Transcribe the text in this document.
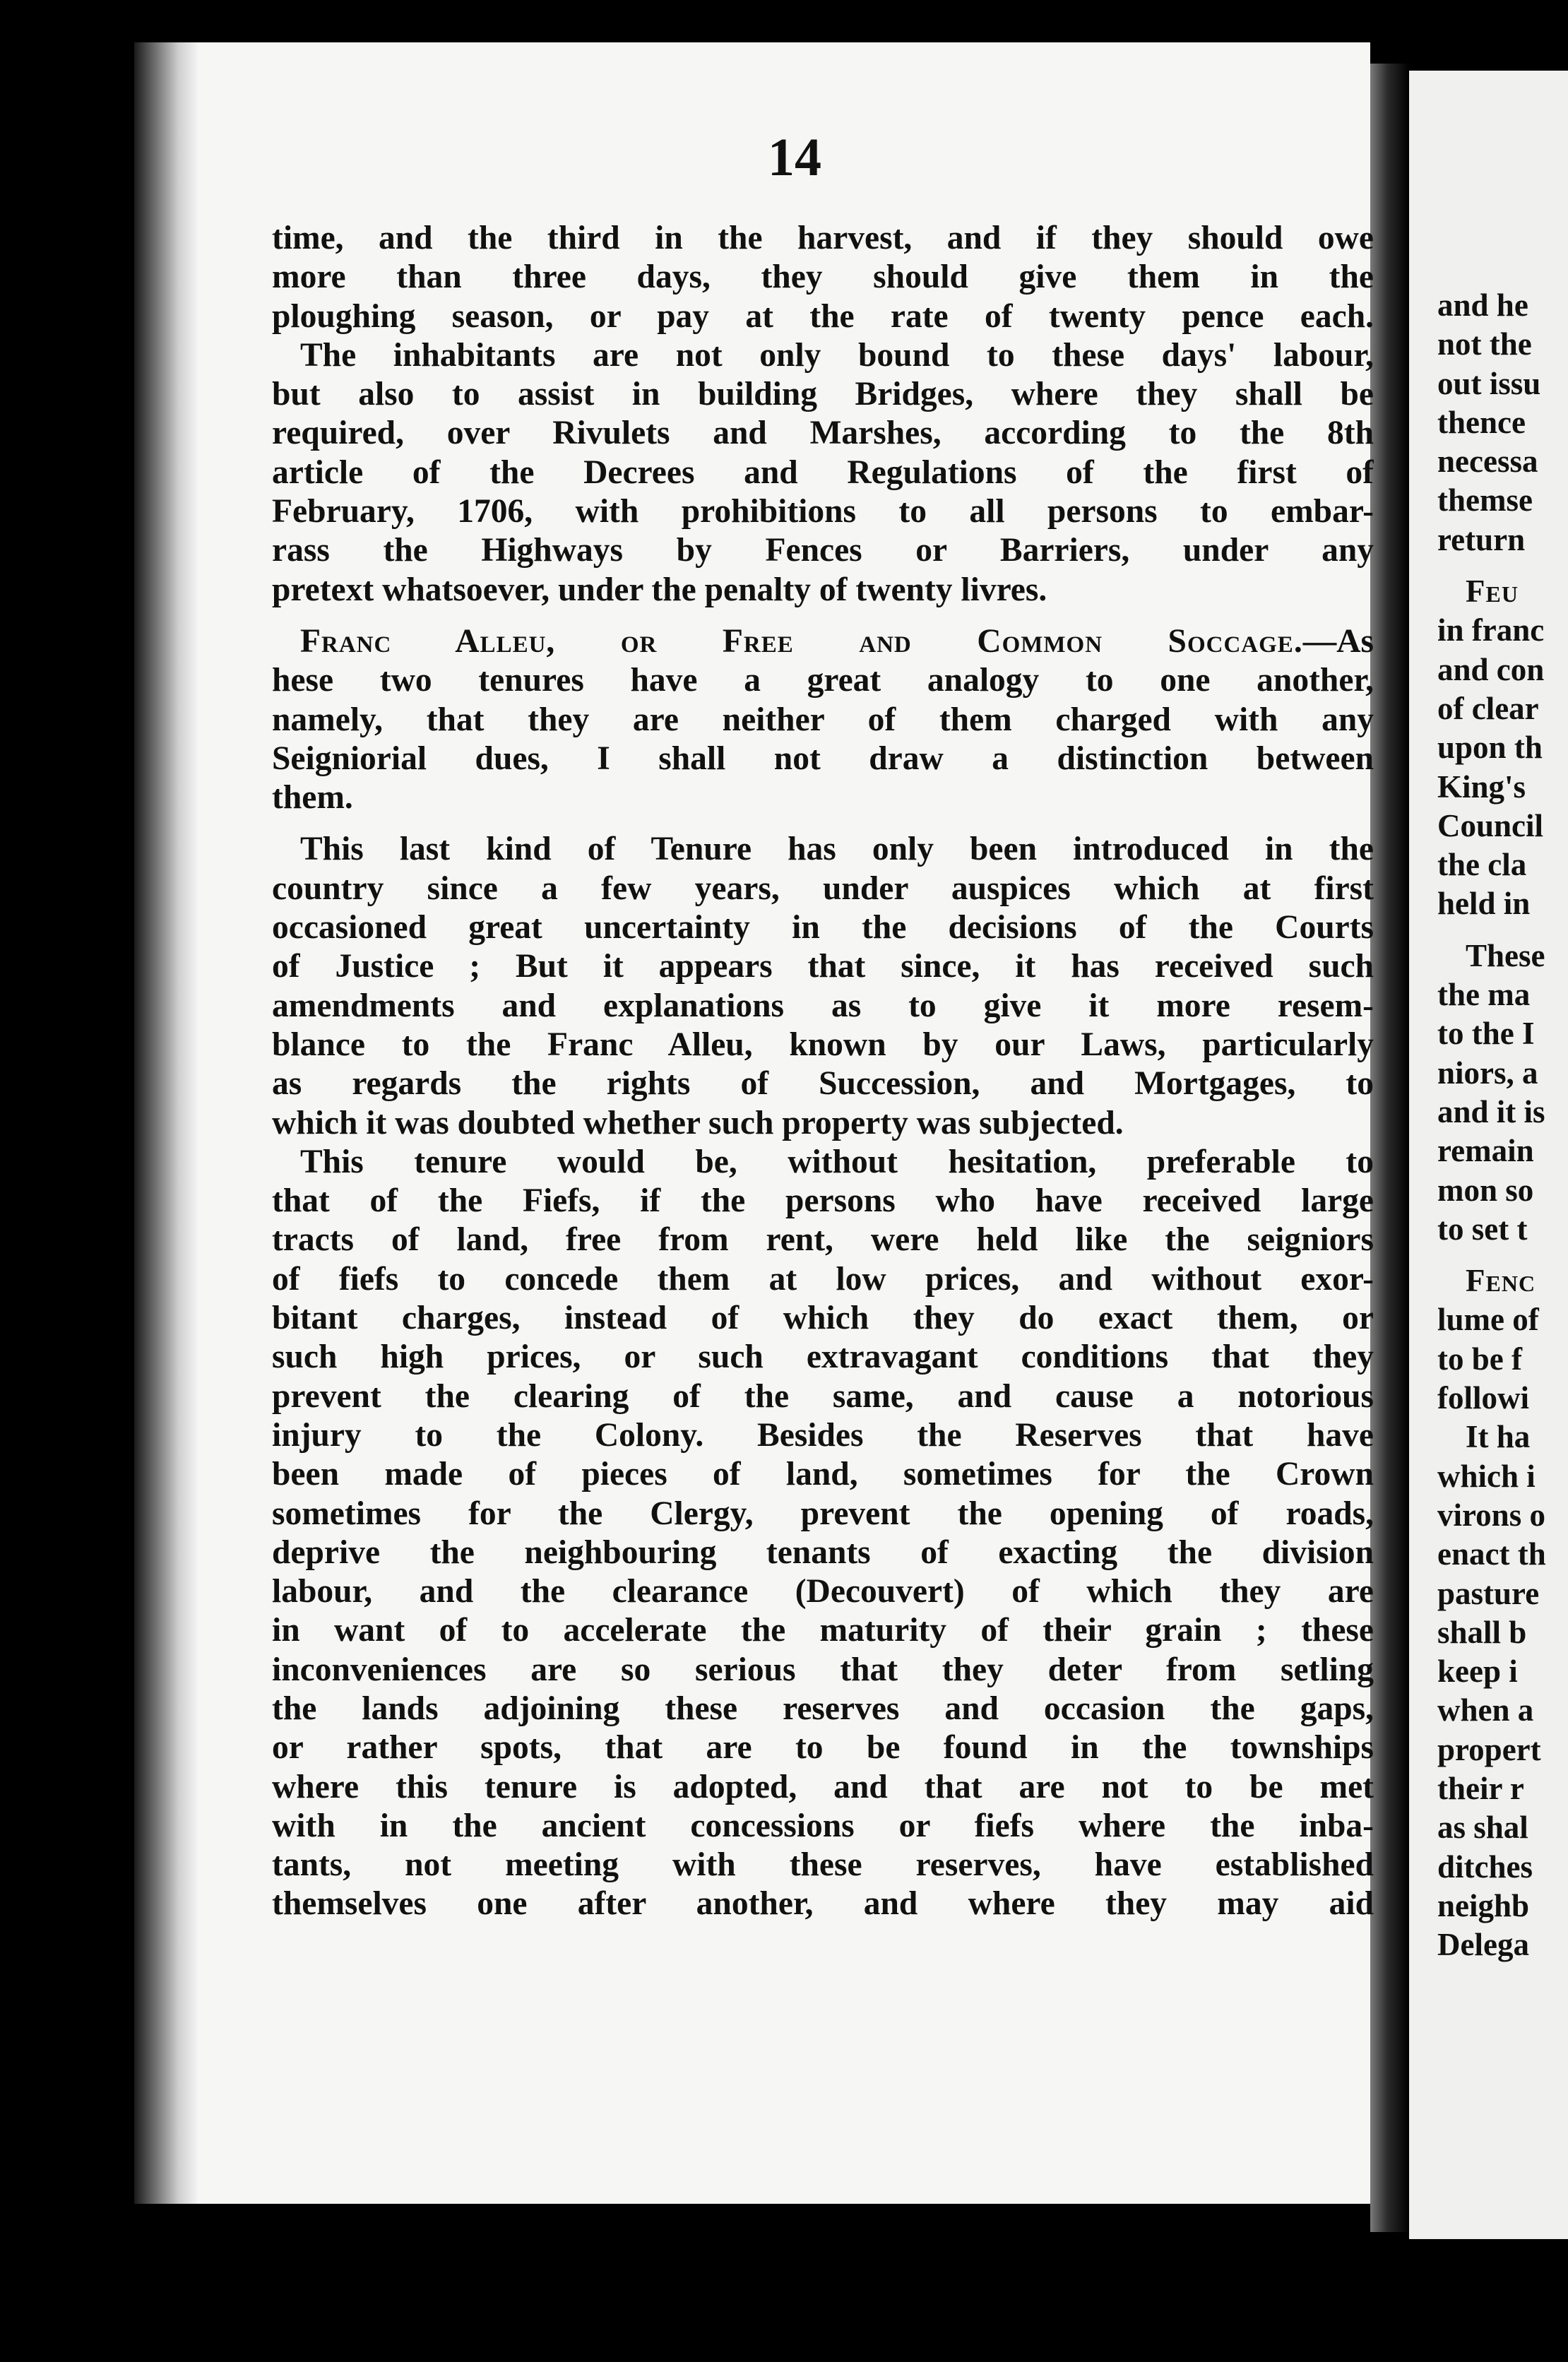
14
time, and the third in the harvest, and if they should owe
more than three days, they should give them in the
ploughing season, or pay at the rate of twenty pence each.
The inhabitants are not only bound to these days' labour,
but also to assist in building Bridges, where they shall be
required, over Rivulets and Marshes, according to the 8th
article of the Decrees and Regulations of the first of
February, 1706, with prohibitions to all persons to embar-
rass the Highways by Fences or Barriers, under any
pretext whatsoever, under the penalty of twenty livres.
Franc Alleu, or Free and Common Soccage.—As
hese two tenures have a great analogy to one another,
namely, that they are neither of them charged with any
Seigniorial dues, I shall not draw a distinction between
them.
This last kind of Tenure has only been introduced in the
country since a few years, under auspices which at first
occasioned great uncertainty in the decisions of the Courts
of Justice ; But it appears that since, it has received such
amendments and explanations as to give it more resem-
blance to the Franc Alleu, known by our Laws, particularly
as regards the rights of Succession, and Mortgages, to
which it was doubted whether such property was subjected.
This tenure would be, without hesitation, preferable to
that of the Fiefs, if the persons who have received large
tracts of land, free from rent, were held like the seigniors
of fiefs to concede them at low prices, and without exor-
bitant charges, instead of which they do exact them, or
such high prices, or such extravagant conditions that they
prevent the clearing of the same, and cause a notorious
injury to the Colony. Besides the Reserves that have
been made of pieces of land, sometimes for the Crown
sometimes for the Clergy, prevent the opening of roads,
deprive the neighbouring tenants of exacting the division
labour, and the clearance (Decouvert) of which they are
in want of to accelerate the maturity of their grain ; these
inconveniences are so serious that they deter from setling
the lands adjoining these reserves and occasion the gaps,
or rather spots, that are to be found in the townships
where this tenure is adopted, and that are not to be met
with in the ancient concessions or fiefs where the inba-
tants, not meeting with these reserves, have established
themselves one after another, and where they may aid
and he
not the
out issu
thence
necessa
themse
return
Feu
in franc
and con
of clear
upon th
King's
Council
the cla
held in
These
the ma
to the I
niors, a
and it is
remain
mon so
to set t
Fenc
lume of
to be f
followi
It ha
which i
virons o
enact th
pasture
shall b
keep i
when a
propert
their r
as shal
ditches
neighb
Delega
